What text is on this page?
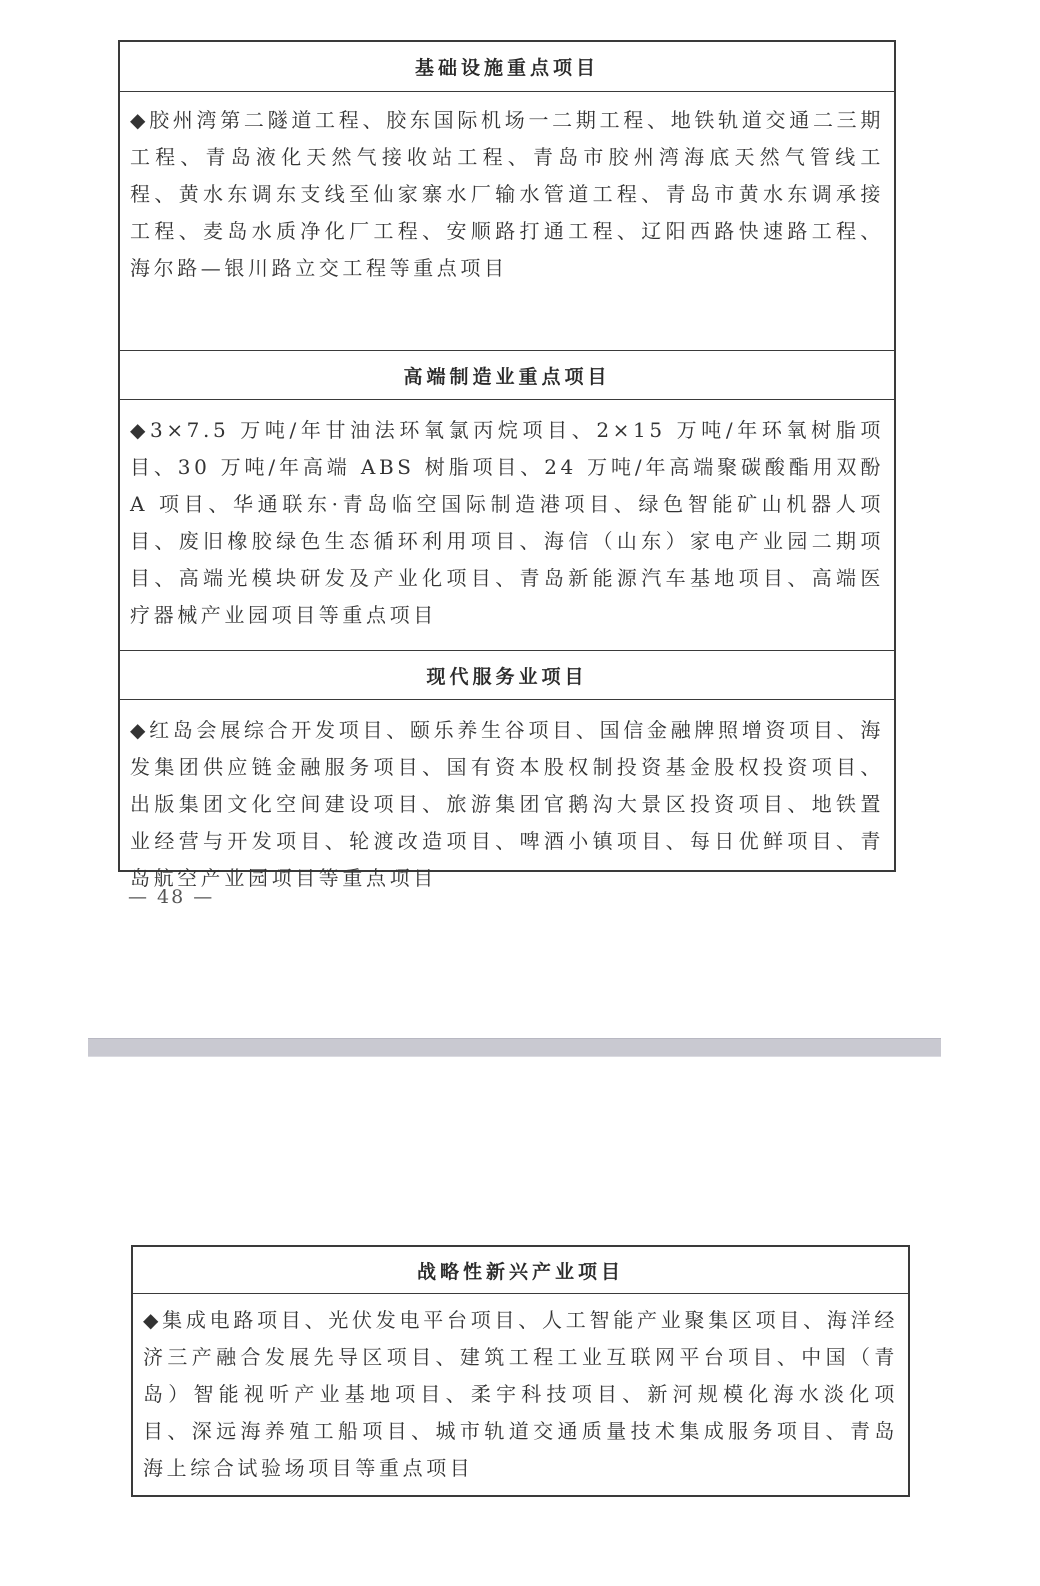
基础设施重点项目
◆胶州湾第二隧道工程、胶东国际机场一二期工程、地铁轨道交通二三期工程、青岛液化天然气接收站工程、青岛市胶州湾海底天然气管线工程、黄水东调东支线至仙家寨水厂输水管道工程、青岛市黄水东调承接工程、麦岛水质净化厂工程、安顺路打通工程、辽阳西路快速路工程、海尔路—银川路立交工程等重点项目
高端制造业重点项目
◆3×7.5 万吨/年甘油法环氧氯丙烷项目、2×15 万吨/年环氧树脂项目、30 万吨/年高端 ABS 树脂项目、24 万吨/年高端聚碳酸酯用双酚 A 项目、华通联东·青岛临空国际制造港项目、绿色智能矿山机器人项目、废旧橡胶绿色生态循环利用项目、海信（山东）家电产业园二期项目、高端光模块研发及产业化项目、青岛新能源汽车基地项目、高端医疗器械产业园项目等重点项目
现代服务业项目
◆红岛会展综合开发项目、颐乐养生谷项目、国信金融牌照增资项目、海发集团供应链金融服务项目、国有资本股权制投资基金股权投资项目、出版集团文化空间建设项目、旅游集团官鹅沟大景区投资项目、地铁置业经营与开发项目、轮渡改造项目、啤酒小镇项目、每日优鲜项目、青岛航空产业园项目等重点项目
— 48 —
战略性新兴产业项目
◆集成电路项目、光伏发电平台项目、人工智能产业聚集区项目、海洋经济三产融合发展先导区项目、建筑工程工业互联网平台项目、中国（青岛）智能视听产业基地项目、柔宇科技项目、新河规模化海水淡化项目、深远海养殖工船项目、城市轨道交通质量技术集成服务项目、青岛海上综合试验场项目等重点项目
